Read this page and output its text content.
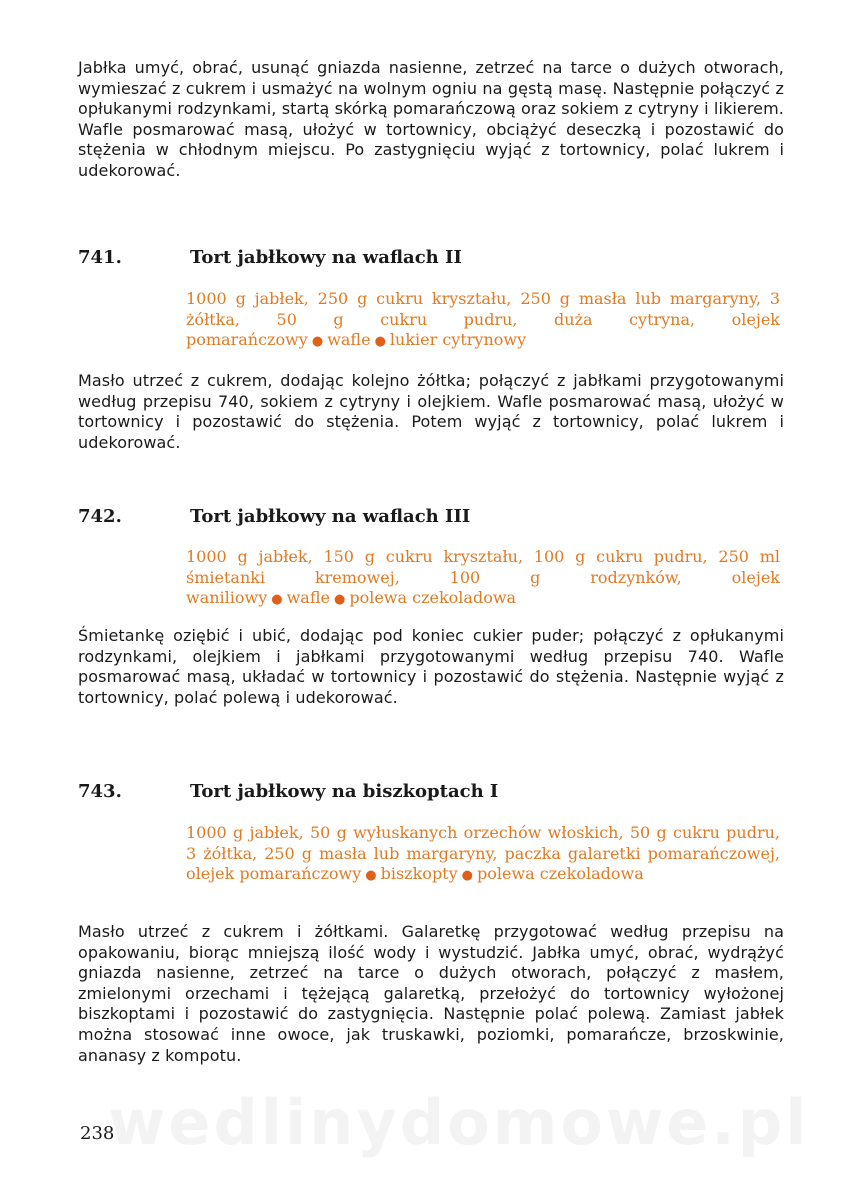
Jabłka umyć, obrać, usunąć gniazda nasienne, zetrzeć na tarce o dużych otworach, wymieszać z cukrem i usmażyć na wolnym ogniu na gęstą masę. Następnie połączyć z opłukanymi rodzynkami, startą skórką pomarańczową oraz sokiem z cytryny i likierem. Wafle posmarować masą, ułożyć w tortownicy, obciążyć deseczką i pozostawić do stężenia w chłodnym miejscu. Po zastygnięciu wyjąć z tortownicy, polać lukrem i udekorować.

741.	Tort jabłkowy na waflach II

1000 g jabłek, 250 g cukru kryształu, 250 g masła lub margaryny, 3 żółtka, 50 g cukru pudru, duża cytryna, olejek pomarańczowy ● wafle ● lukier cytrynowy

Masło utrzeć z cukrem, dodając kolejno żółtka; połączyć z jabłkami przygotowanymi według przepisu 740, sokiem z cytryny i olejkiem. Wafle posmarować masą, ułożyć w tortownicy i pozostawić do stężenia. Potem wyjąć z tortownicy, polać lukrem i udekorować.

742.	Tort jabłkowy na waflach III

1000 g jabłek, 150 g cukru kryształu, 100 g cukru pudru, 250 ml śmietanki kremowej, 100 g rodzynków, olejek waniliowy ● wafle ● polewa czekoladowa

Śmietankę oziębić i ubić, dodając pod koniec cukier puder; połączyć z opłukanymi rodzynkami, olejkiem i jabłkami przygotowanymi według przepisu 740. Wafle posmarować masą, układać w tortownicy i pozostawić do stężenia. Następnie wyjąć z tortownicy, polać polewą i udekorować.

743.	Tort jabłkowy na biszkoptach I

1000 g jabłek, 50 g wyłuskanych orzechów włoskich, 50 g cukru pudru, 3 żółtka, 250 g masła lub margaryny, paczka galaretki pomarańczowej, olejek pomarańczowy ● biszkopty ● polewa czekoladowa

Masło utrzeć z cukrem i żółtkami. Galaretkę przygotować według przepisu na opakowaniu, biorąc mniejszą ilość wody i wystudzić. Jabłka umyć, obrać, wydrążyć gniazda nasienne, zetrzeć na tarce o dużych otworach, połączyć z masłem, zmielonymi orzechami i tężejącą galaretką, przełożyć do tortownicy wyłożonej biszkoptami i pozostawić do zastygnięcia. Następnie polać polewą. Zamiast jabłek można stosować inne owoce, jak truskawki, poziomki, pomarańcze, brzoskwinie, ananasy z kompotu.

wedlinydomowe.pl
238
